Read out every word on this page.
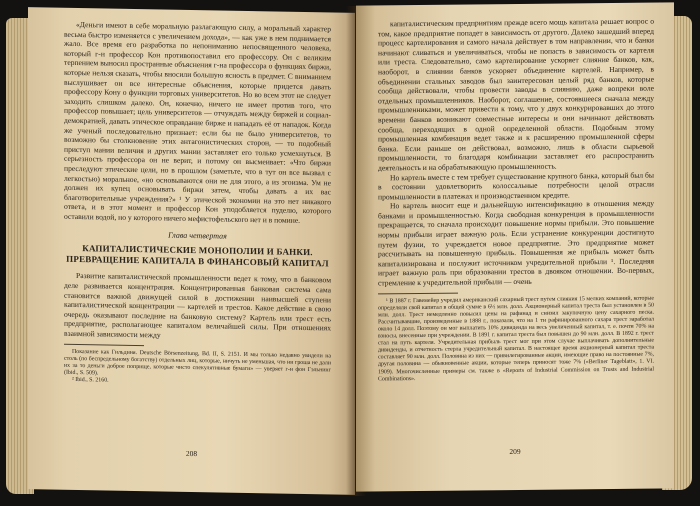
«Деньги имеют в себе моральную разлагающую силу, а моральный характер весьма быстро изменяется с увеличением дохода», — как уже в нем поднимается жало. Все время его разработка по непониманию непосвященного человека, который г-н профессор Кон противопоставил его профессору. Он с великим терпением выносил пространные объяснения г-на профессора о функциях биржи, которые нельзя сказать, чтобы вносили большую ясность в предмет. С вниманием выслушивает он все интересные объяснения, которые придется давать профессору Кону о функции торговых университетов. Но во всем этот не следует заходить слишком далеко. Он, конечно, ничего не имеет против того, что профессор повышает; цель университетов — отчуждать между биржей и социал-демократией, давать этическое оправдание бирже и нападать её от нападок. Когда же ученый последовательно признает: если бы не было университетов, то возможно бы столкновение этих антагонистических сторон, — то подобный приступ мании величия и других мании заставляет его только усмехнуться. В серьезность профессора он не верит, и потому он высмеивает: «Что биржи преследуют этические цели, но в прошлом (заметьте, что в тут он все вызвал с легкостью) моральное, «но основываются они не для этого, а из эгоизма. Ум не должен их купец основывать биржи затем, чтобы давать а их вас благотворительные учреждения?» ¹ У этической экономии на это нет никакого ответа, и в этот момент и профессор Кон уподобляется пуделю, которого оставили водой, но у которого ничего мефистофельского нет и в помине.

Глава четвертая
КАПИТАЛИСТИЧЕСКИЕ МОНОПОЛИИ И БАНКИ. ПРЕВРАЩЕНИЕ КАПИТАЛА В ФИНАНСОВЫЙ КАПИТАЛ

Развитие капиталистической промышленности ведет к тому, что в банковом деле развивается концентрация. Концентрированная банковая система сама становится важной движущей силой в достижении наивысшей ступени капиталистической концентрации — картелей и трестов. Какое действие в свою очередь оказывают последние на банковую систему? Картель или трест есть предприятие, располагающее капиталом величайшей силы. При отношениях взаимной зависимости между

Показание как Гильдиня. Deutsche Börsenzeitung, Bd. II, S. 2151. И мы только недавно увидели на столь (по беспредельному богатству) отдельных лиц, которые, ничуть не уменьшая, что ни гроша не дали их за то деньги доброе поприще, которые чисто спекулятивные бумаги» — уверяет г-н фон Гэльнинг (Ibid., S. 509).

² Ibid., S. 2160.

208

капиталистическим предприятиям прежде всего мощь капитала решает вопрос о том, какое предприятие попадет в зависимость от другого. Далеко зашедший вперед процесс картелирования и самого начала действует в том направлении, что и банки начинают сливаться и увеличиваться, чтобы не попасть в зависимость от картеля или треста. Следовательно, само картелирование ускоряет слияние банков, как, наоборот, в слиянии банков ускоряет объединение картелей. Например, в объединении стальных заводов был заинтересован целый ряд банков, которые сообща действовали, чтобы провести заводы в слиянию, даже вопреки воле отдельных промышленников. Наоборот, соглашение, состоявшееся сначала между промышленниками, может привести к тому, что у двух конкурировавших до этого времени банков возникают совместные интересы и они начинают действовать сообща, переходящих в одной определенной области. Подобным этому промышленная комбинация ведет также и к расширению промышленной сферы банка. Если раньше он действовал, возможно, лишь в области сырьевой промышленности, то благодаря комбинации заставляет его распространить деятельность и на обрабатывающую промышленность.

Но картель вместе с тем требует существование крупного банка, который был бы в состоянии удовлетворить колоссальные потребности целой отрасли промышленности в платежах и производственном кредите.

Но картель вносит еще и дальнейшую интенсификацию в отношения между банками и промышленностью. Когда свободная конкуренция в промышленности прекращается, то сначала происходит повышение нормы прибыли. Это повышение нормы прибыли играет важную роль. Если устранение конкуренции достигнуто путем фузии, то учреждается новое предприятие. Это предприятие может рассчитывать на повышенную прибыль. Повышенная же прибыль может быть капитализирована и послужит источником учредительной прибыли ¹. Последняя играет важную роль при образовании трестов в двояком отношении. Во-первых, стремление к учредительной прибыли — очень

¹ В 1887 г. Гавемейер учредил американский сахарный трест путем слияния 15 мелких компаний, которые определяли свой капитал в общей сумме в 6½ млн. долл. Акционерный капитал треста был установлен в 50 млн. долл. Трест немедленно повысил цены на рафинад и снизил закупочную цену сахарного песка. Рассчитывавшие, произведенные в 1888 г., показали, что на 1 тн рафинированного сахара трест заработал около 14 долл. Поэтому он мог выплатить 10% дивиденда на весь увеличенный капитал, т. е. почти 70% на взносы, внесенные при учреждении. В 1891 г. капитал треста был повышен до 90 млн. долл. В 1892 г. трест стал на путь картеля. Учредительная прибыль трест мог при этом случае выплачивать дополнительные дивиденды, и отчетность стерла учредительный капитал. В настоящее время акционерный капитал треста составляет 90 млн. долл. Половина из них — привилегированные акции, имеющие право на постоянные 7%, другая половина — обыкновенные акции, которые теперь приносят тоже 7% («Berliner Tageblatt», 1. VI. 1909). Многочисленные примеры см. также в «Reports of Industrial Commission on Trusts and Industrial Combinations».

209
